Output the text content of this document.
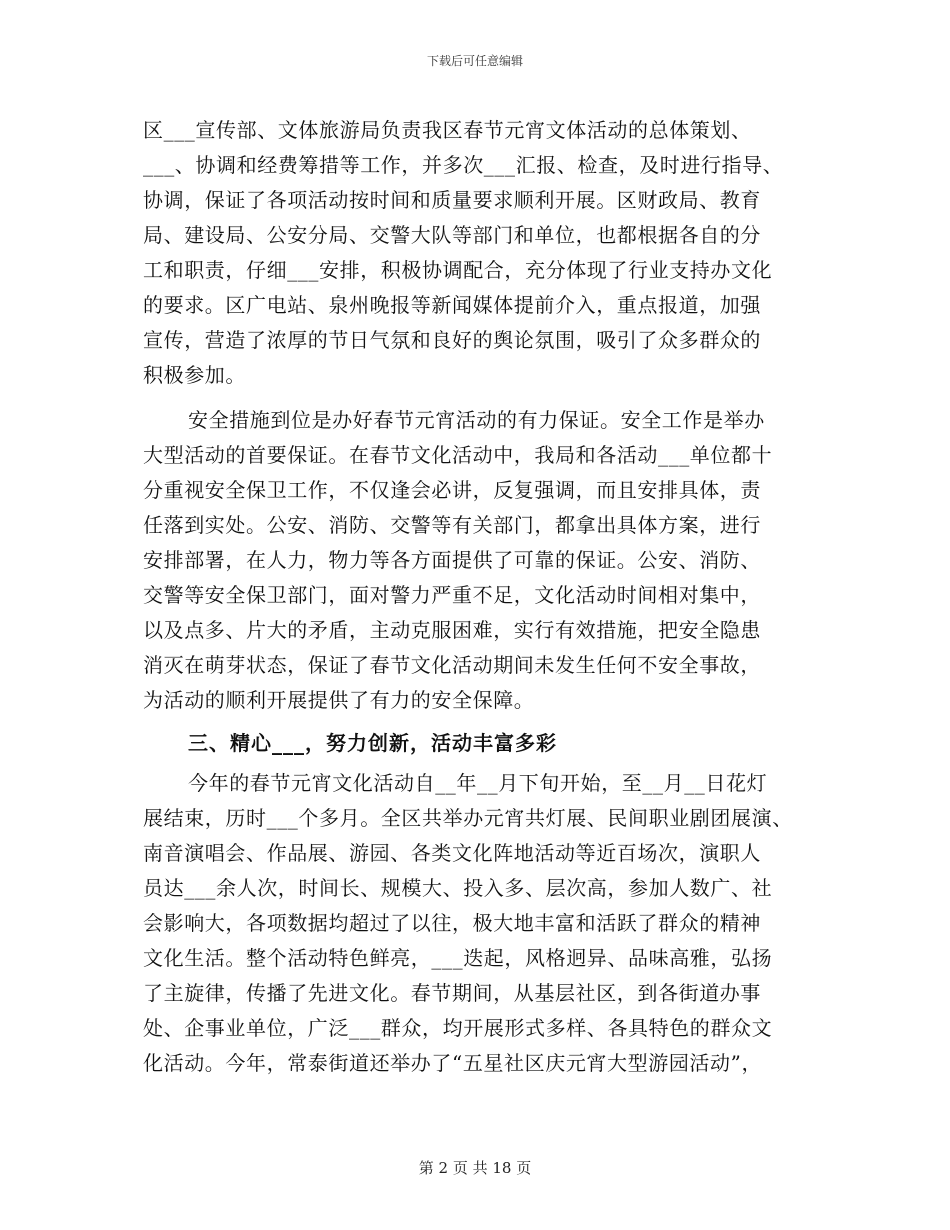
下载后可任意编辑
区___宣传部、文体旅游局负责我区春节元宵文体活动的总体策划、
___、协调和经费筹措等工作，并多次___汇报、检查，及时进行指导、
协调，保证了各项活动按时间和质量要求顺利开展。区财政局、教育
局、建设局、公安分局、交警大队等部门和单位，也都根据各自的分
工和职责，仔细___安排，积极协调配合，充分体现了行业支持办文化
的要求。区广电站、泉州晚报等新闻媒体提前介入，重点报道，加强
宣传，营造了浓厚的节日气氛和良好的舆论氛围，吸引了众多群众的
积极参加。
安全措施到位是办好春节元宵活动的有力保证。安全工作是举办
大型活动的首要保证。在春节文化活动中，我局和各活动___单位都十
分重视安全保卫工作，不仅逢会必讲，反复强调，而且安排具体，责
任落到实处。公安、消防、交警等有关部门，都拿出具体方案，进行
安排部署，在人力，物力等各方面提供了可靠的保证。公安、消防、
交警等安全保卫部门，面对警力严重不足，文化活动时间相对集中，
以及点多、片大的矛盾，主动克服困难，实行有效措施，把安全隐患
消灭在萌芽状态，保证了春节文化活动期间未发生任何不安全事故，
为活动的顺利开展提供了有力的安全保障。
三、精心___，努力创新，活动丰富多彩
今年的春节元宵文化活动自__年__月下旬开始，至__月__日花灯
展结束，历时___个多月。全区共举办元宵共灯展、民间职业剧团展演、
南音演唱会、作品展、游园、各类文化阵地活动等近百场次，演职人
员达___余人次，时间长、规模大、投入多、层次高，参加人数广、社
会影响大，各项数据均超过了以往，极大地丰富和活跃了群众的精神
文化生活。整个活动特色鲜亮，___迭起，风格迥异、品味高雅，弘扬
了主旋律，传播了先进文化。春节期间，从基层社区，到各街道办事
处、企事业单位，广泛___群众，均开展形式多样、各具特色的群众文
化活动。今年，常泰街道还举办了“五星社区庆元宵大型游园活动”，
第 2 页 共 18 页
